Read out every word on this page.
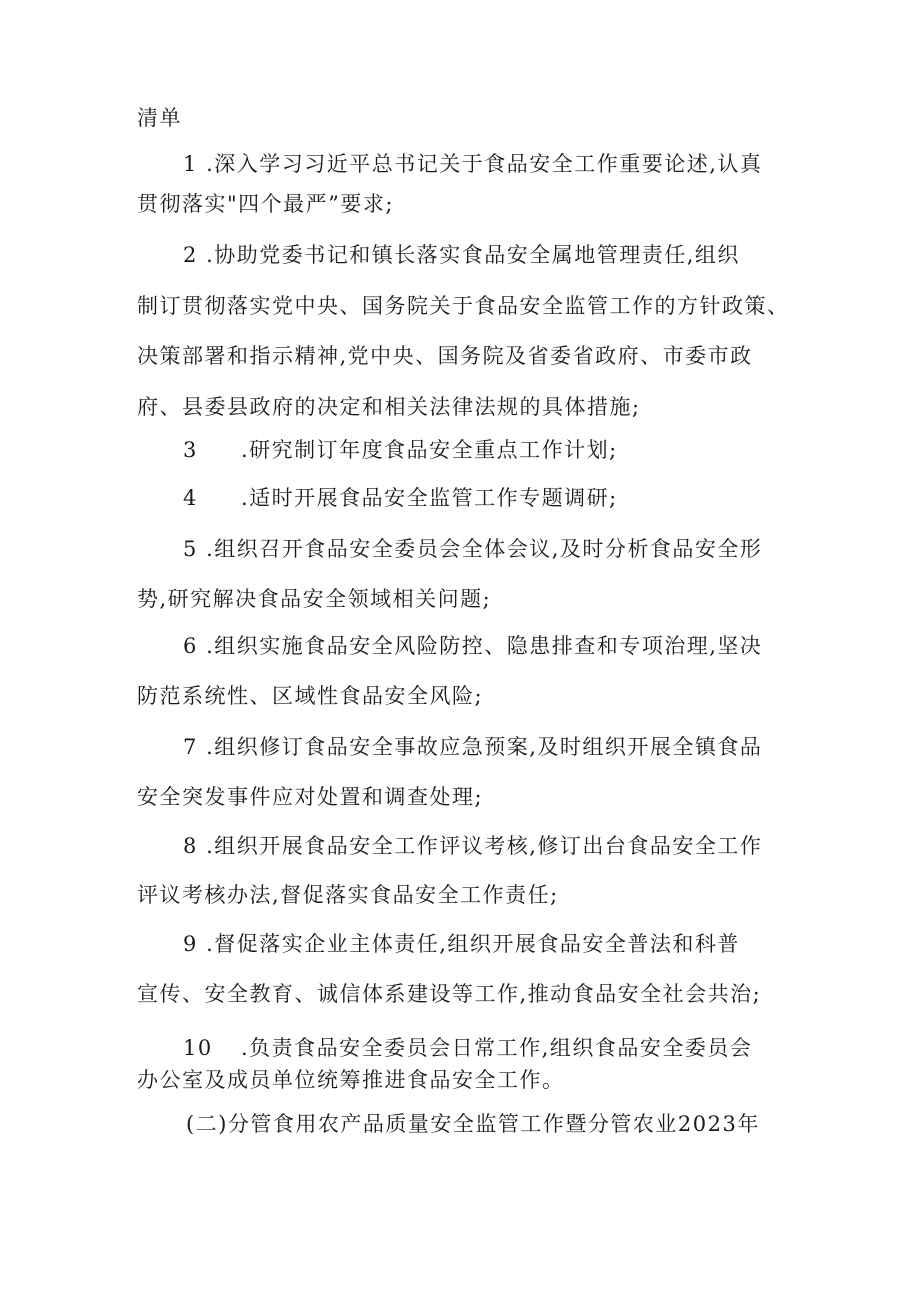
清单
1 .深入学习习近平总书记关于食品安全工作重要论述,认真
贯彻落实"四个最严”要求;
2 .协助党委书记和镇长落实食品安全属地管理责任,组织
制订贯彻落实党中央、国务院关于食品安全监管工作的方针政策、
决策部署和指示精神,党中央、国务院及省委省政府、市委市政
府、县委县政府的决定和相关法律法规的具体措施;
3 .研究制订年度食品安全重点工作计划;
4 .适时开展食品安全监管工作专题调研;
5 .组织召开食品安全委员会全体会议,及时分析食品安全形
势,研究解决食品安全领域相关问题;
6 .组织实施食品安全风险防控、隐患排查和专项治理,坚决
防范系统性、区域性食品安全风险;
7 .组织修订食品安全事故应急预案,及时组织开展全镇食品
安全突发事件应对处置和调查处理;
8 .组织开展食品安全工作评议考核,修订出台食品安全工作
评议考核办法,督促落实食品安全工作责任;
9 .督促落实企业主体责任,组织开展食品安全普法和科普
宣传、安全教育、诚信体系建设等工作,推动食品安全社会共治;
10 .负责食品安全委员会日常工作,组织食品安全委员会
办公室及成员单位统筹推进食品安全工作。
(二)分管食用农产品质量安全监管工作暨分管农业2023年
